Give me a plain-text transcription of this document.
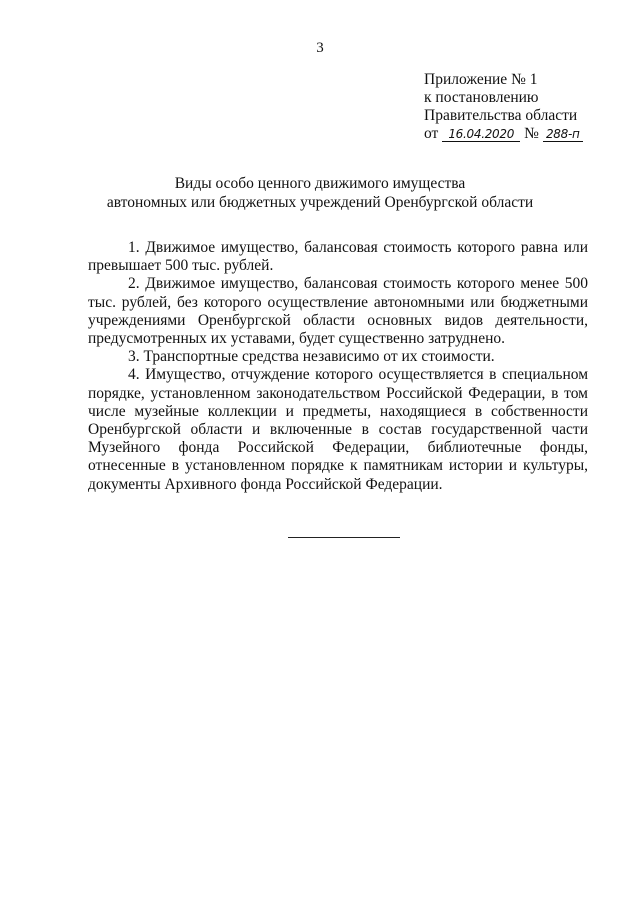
3
Приложение № 1
к постановлению
Правительства области
от 16.04.2020 № 288-п
Виды особо ценного движимого имущества
автономных или бюджетных учреждений Оренбургской области

1. Движимое имущество, балансовая стоимость которого равна или превышает 500 тыс. рублей.

2. Движимое имущество, балансовая стоимость которого менее 500 тыс. рублей, без которого осуществление автономными или бюджетными учреждениями Оренбургской области основных видов деятельности, предусмотренных их уставами, будет существенно затруднено.

3. Транспортные средства независимо от их стоимости.

4. Имущество, отчуждение которого осуществляется в специальном порядке, установленном законодательством Российской Федерации, в том числе музейные коллекции и предметы, находящиеся в собственности Оренбургской области и включенные в состав государственной части Музейного фонда Российской Федерации, библиотечные фонды, отнесенные в установленном порядке к памятникам истории и культуры, документы Архивного фонда Российской Федерации.
